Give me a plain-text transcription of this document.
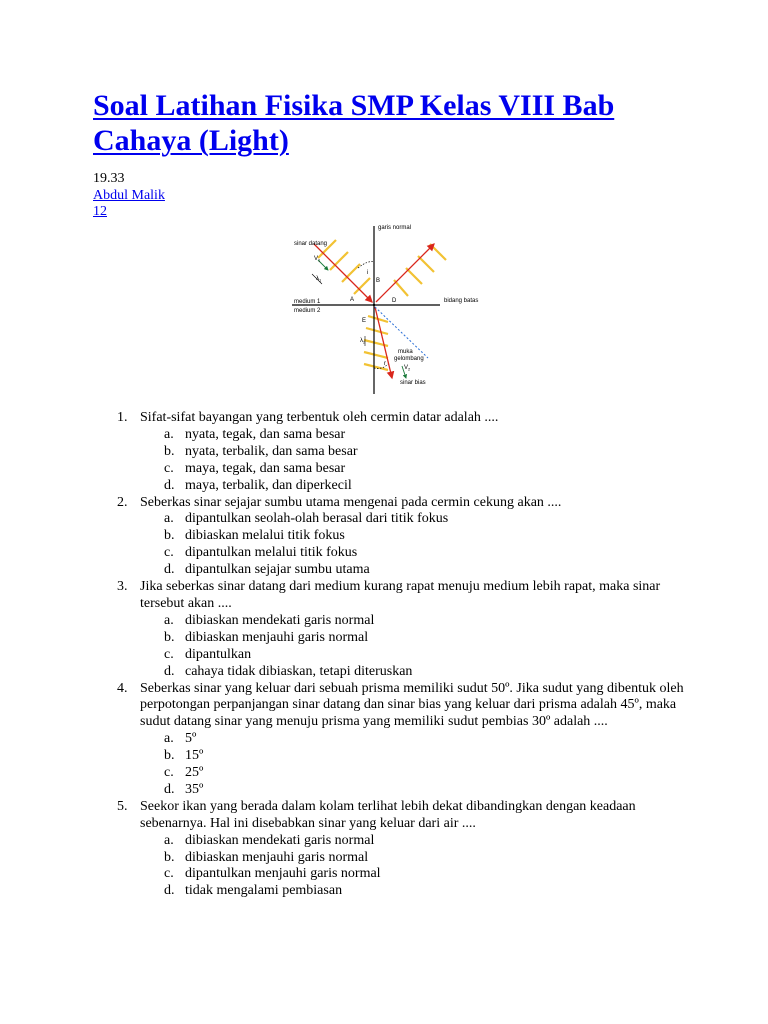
Soal Latihan Fisika SMP Kelas VIII Bab
Cahaya (Light)
19.33
Abdul Malik
12
garis normal
sinar datang
$V_1$
$\lambda_1$
i
B
medium 1
medium 2
A	D	bidang batas
E
$\lambda_2$
muka
gelombang
r
$V_2$
sinar bias
1. Sifat-sifat bayangan yang terbentuk oleh cermin datar adalah ....
a. nyata, tegak, dan sama besar
b. nyata, terbalik, dan sama besar
c. maya, tegak, dan sama besar
d. maya, terbalik, dan diperkecil
2. Seberkas sinar sejajar sumbu utama mengenai pada cermin cekung akan ....
a. dipantulkan seolah-olah berasal dari titik fokus
b. dibiaskan melalui titik fokus
c. dipantulkan melalui titik fokus
d. dipantulkan sejajar sumbu utama
3. Jika seberkas sinar datang dari medium kurang rapat menuju medium lebih rapat, maka sinar tersebut akan ....
a. dibiaskan mendekati garis normal
b. dibiaskan menjauhi garis normal
c. dipantulkan
d. cahaya tidak dibiaskan, tetapi diteruskan
4. Seberkas sinar yang keluar dari sebuah prisma memiliki sudut 50º. Jika sudut yang dibentuk oleh perpotongan perpanjangan sinar datang dan sinar bias yang keluar dari prisma adalah 45º, maka sudut datang sinar yang menuju prisma yang memiliki sudut pembias 30º adalah ....
a. 5º
b. 15º
c. 25º
d. 35º
5. Seekor ikan yang berada dalam kolam terlihat lebih dekat dibandingkan dengan keadaan sebenarnya. Hal ini disebabkan sinar yang keluar dari air ....
a. dibiaskan mendekati garis normal
b. dibiaskan menjauhi garis normal
c. dipantulkan menjauhi garis normal
d. tidak mengalami pembiasan
